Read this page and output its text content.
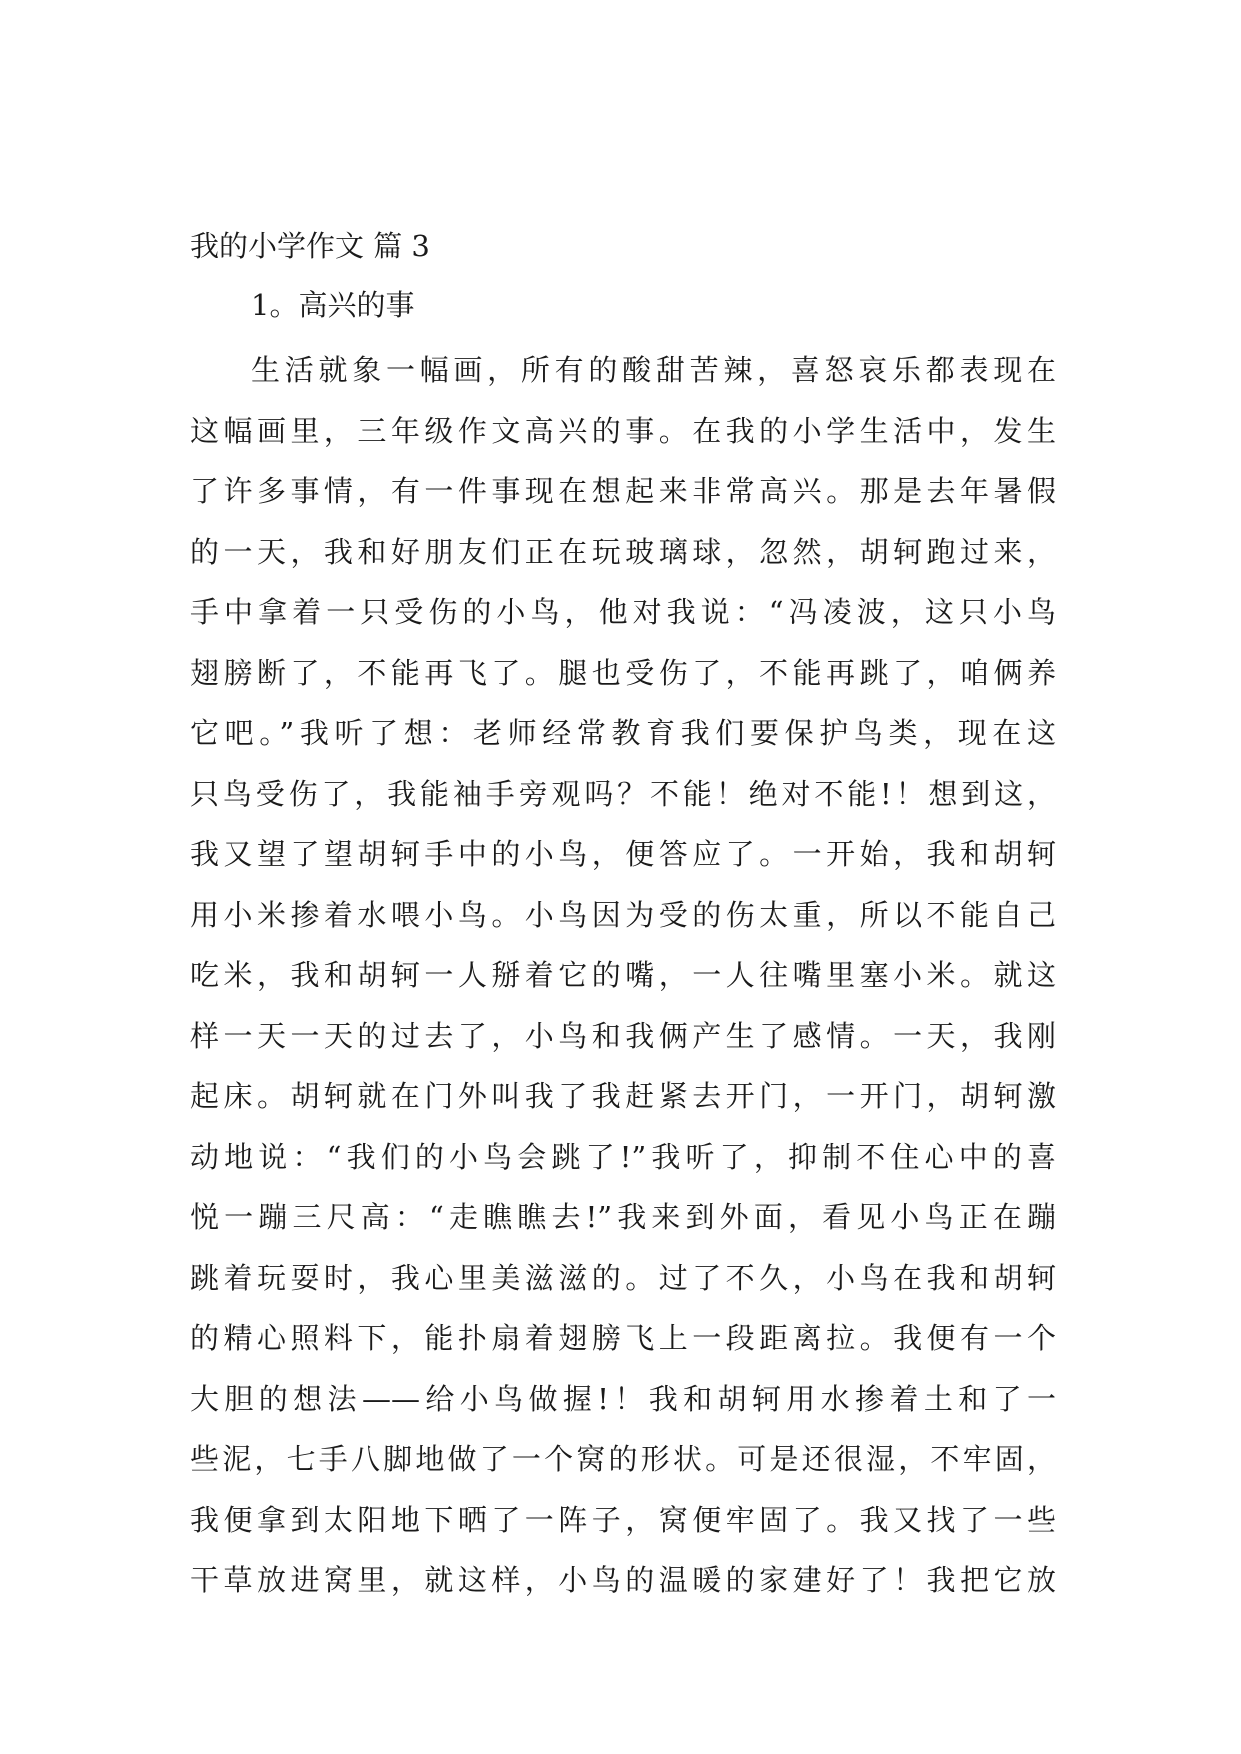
我的小学作文 篇 3
1。高兴的事
生活就象一幅画，所有的酸甜苦辣，喜怒哀乐都表现在
这幅画里，三年级作文高兴的事。在我的小学生活中，发生
了许多事情，有一件事现在想起来非常高兴。那是去年暑假
的一天，我和好朋友们正在玩玻璃球，忽然，胡轲跑过来，
手中拿着一只受伤的小鸟，他对我说：“冯凌波，这只小鸟
翅膀断了，不能再飞了。腿也受伤了，不能再跳了，咱俩养
它吧。”我听了想：老师经常教育我们要保护鸟类，现在这
只鸟受伤了，我能袖手旁观吗？不能！绝对不能!！想到这，
我又望了望胡轲手中的小鸟，便答应了。一开始，我和胡轲
用小米掺着水喂小鸟。小鸟因为受的伤太重，所以不能自己
吃米，我和胡轲一人掰着它的嘴，一人往嘴里塞小米。就这
样一天一天的过去了，小鸟和我俩产生了感情。一天，我刚
起床。胡轲就在门外叫我了我赶紧去开门，一开门，胡轲激
动地说：“我们的小鸟会跳了!”我听了，抑制不住心中的喜
悦一蹦三尺高：“走瞧瞧去!”我来到外面，看见小鸟正在蹦
跳着玩耍时，我心里美滋滋的。过了不久，小鸟在我和胡轲
的精心照料下，能扑扇着翅膀飞上一段距离拉。我便有一个
大胆的想法——给小鸟做握!！我和胡轲用水掺着土和了一
些泥，七手八脚地做了一个窝的形状。可是还很湿，不牢固，
我便拿到太阳地下晒了一阵子，窝便牢固了。我又找了一些
干草放进窝里，就这样，小鸟的温暖的家建好了！我把它放
